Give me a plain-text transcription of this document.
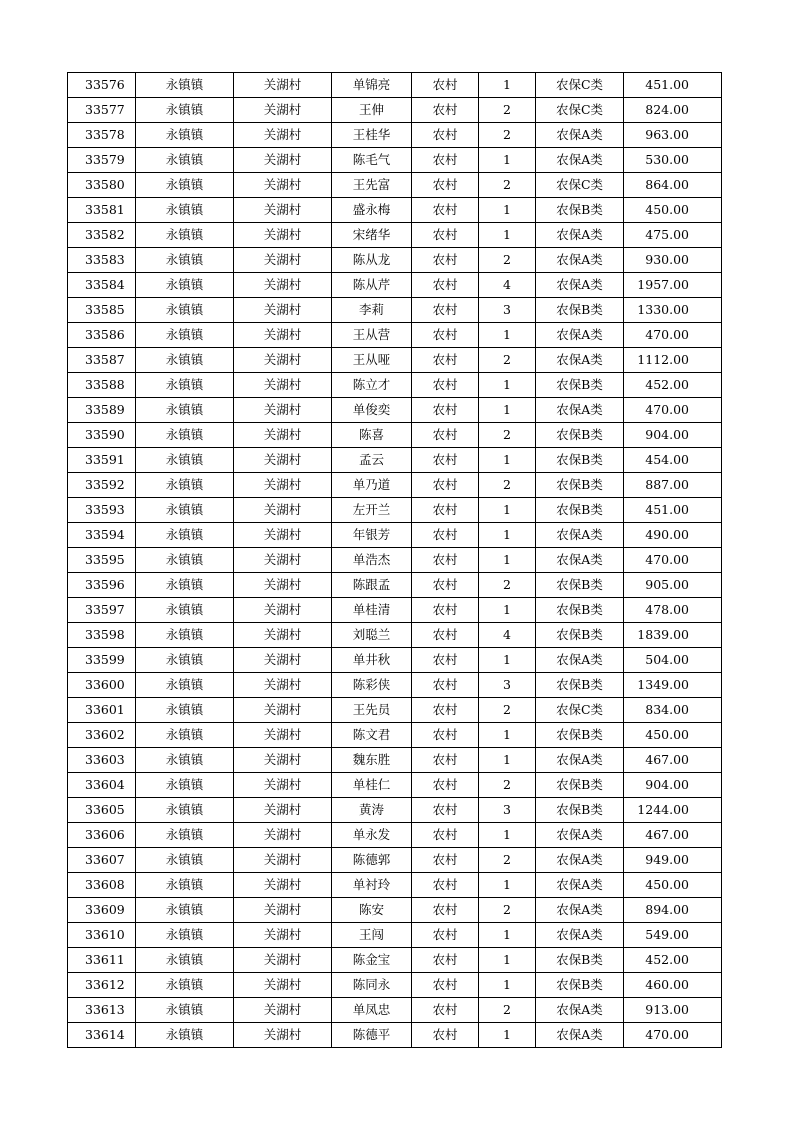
33576	永镇镇	关湖村	单锦亮	农村	1	农保C类	451.00
33577	永镇镇	关湖村	王伸	农村	2	农保C类	824.00
33578	永镇镇	关湖村	王桂华	农村	2	农保A类	963.00
33579	永镇镇	关湖村	陈毛气	农村	1	农保A类	530.00
33580	永镇镇	关湖村	王先富	农村	2	农保C类	864.00
33581	永镇镇	关湖村	盛永梅	农村	1	农保B类	450.00
33582	永镇镇	关湖村	宋绪华	农村	1	农保A类	475.00
33583	永镇镇	关湖村	陈从龙	农村	2	农保A类	930.00
33584	永镇镇	关湖村	陈从芹	农村	4	农保A类	1957.00
33585	永镇镇	关湖村	李莉	农村	3	农保B类	1330.00
33586	永镇镇	关湖村	王从营	农村	1	农保A类	470.00
33587	永镇镇	关湖村	王从哑	农村	2	农保A类	1112.00
33588	永镇镇	关湖村	陈立才	农村	1	农保B类	452.00
33589	永镇镇	关湖村	单俊奕	农村	1	农保A类	470.00
33590	永镇镇	关湖村	陈喜	农村	2	农保B类	904.00
33591	永镇镇	关湖村	孟云	农村	1	农保B类	454.00
33592	永镇镇	关湖村	单乃道	农村	2	农保B类	887.00
33593	永镇镇	关湖村	左开兰	农村	1	农保B类	451.00
33594	永镇镇	关湖村	年银芳	农村	1	农保A类	490.00
33595	永镇镇	关湖村	单浩杰	农村	1	农保A类	470.00
33596	永镇镇	关湖村	陈跟孟	农村	2	农保B类	905.00
33597	永镇镇	关湖村	单桂清	农村	1	农保B类	478.00
33598	永镇镇	关湖村	刘聪兰	农村	4	农保B类	1839.00
33599	永镇镇	关湖村	单井秋	农村	1	农保A类	504.00
33600	永镇镇	关湖村	陈彩侠	农村	3	农保B类	1349.00
33601	永镇镇	关湖村	王先员	农村	2	农保C类	834.00
33602	永镇镇	关湖村	陈文君	农村	1	农保B类	450.00
33603	永镇镇	关湖村	魏东胜	农村	1	农保A类	467.00
33604	永镇镇	关湖村	单桂仁	农村	2	农保B类	904.00
33605	永镇镇	关湖村	黄涛	农村	3	农保B类	1244.00
33606	永镇镇	关湖村	单永发	农村	1	农保A类	467.00
33607	永镇镇	关湖村	陈德郭	农村	2	农保A类	949.00
33608	永镇镇	关湖村	单衬玲	农村	1	农保A类	450.00
33609	永镇镇	关湖村	陈安	农村	2	农保A类	894.00
33610	永镇镇	关湖村	王闯	农村	1	农保A类	549.00
33611	永镇镇	关湖村	陈金宝	农村	1	农保B类	452.00
33612	永镇镇	关湖村	陈同永	农村	1	农保B类	460.00
33613	永镇镇	关湖村	单凤忠	农村	2	农保A类	913.00
33614	永镇镇	关湖村	陈德平	农村	1	农保A类	470.00
